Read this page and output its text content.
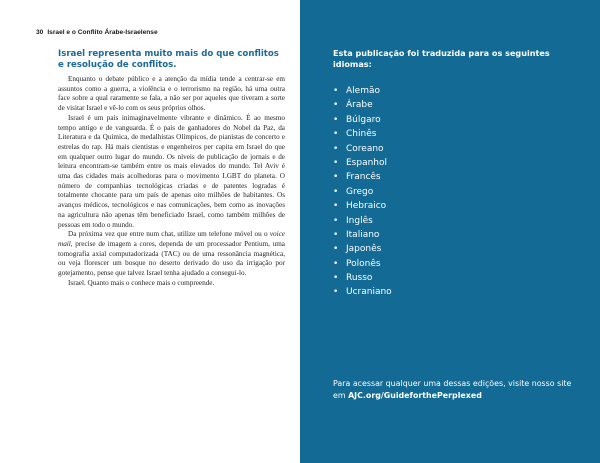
30 Israel e o Conflito Árabe-Israelense
Israel representa muito mais do que conflitos e resolução de conflitos.

Enquanto o debate público e a atenção da mídia tende a centrar-se em assuntos como a guerra, a violência e o terrorismo na região, há uma outra face sobre a qual raramente se fala, a não ser por aqueles que tiveram a sorte de visitar Israel e vê-lo com os seus próprios olhos.

Israel é um país inimaginavelmente vibrante e dinâmico. É ao mesmo tempo antigo e de vanguarda. É o país de ganhadores do Nobel da Paz, da Literatura e da Química, de medalhistas Olímpicos, de pianistas de concerto e estrelas do rap. Há mais cientistas e engenheiros per capita em Israel do que em qualquer outro lugar do mundo. Os níveis de publicação de jornais e de leitura encontram-se também entre os mais elevados do mundo. Tel Aviv é uma das cidades mais acolhedoras para o movimento LGBT do planeta. O número de companhias tecnológicas criadas e de patentes logradas é totalmente chocante para um país de apenas oito milhões de habitantes. Os avanços médicos, tecnológicos e nas comunicações, bem como as inovações na agricultura não apenas têm beneficiado Israel, como também milhões de pessoas em todo o mundo.

Da próxima vez que entre num chat, utilize um telefone móvel ou o voice mail, precise de imagem a cores, dependa de um processador Pentium, uma tomografia axial computadorizada (TAC) ou de uma ressonância magnética, ou veja florescer um bosque no deserto derivado do uso da irrigação por gotejamento, pense que talvez Israel tenha ajudado a consegui-lo.

Israel. Quanto mais o conhece mais o compreende.

Esta publicação foi traduzida para os seguintes idiomas:
• Alemão
• Árabe
• Búlgaro
• Chinês
• Coreano
• Espanhol
• Francês
• Grego
• Hebraico
• Inglês
• Italiano
• Japonês
• Polonês
• Russo
• Ucraniano
Para acessar qualquer uma dessas edições, visite nosso site em AJC.org/GuideforthePerplexed
